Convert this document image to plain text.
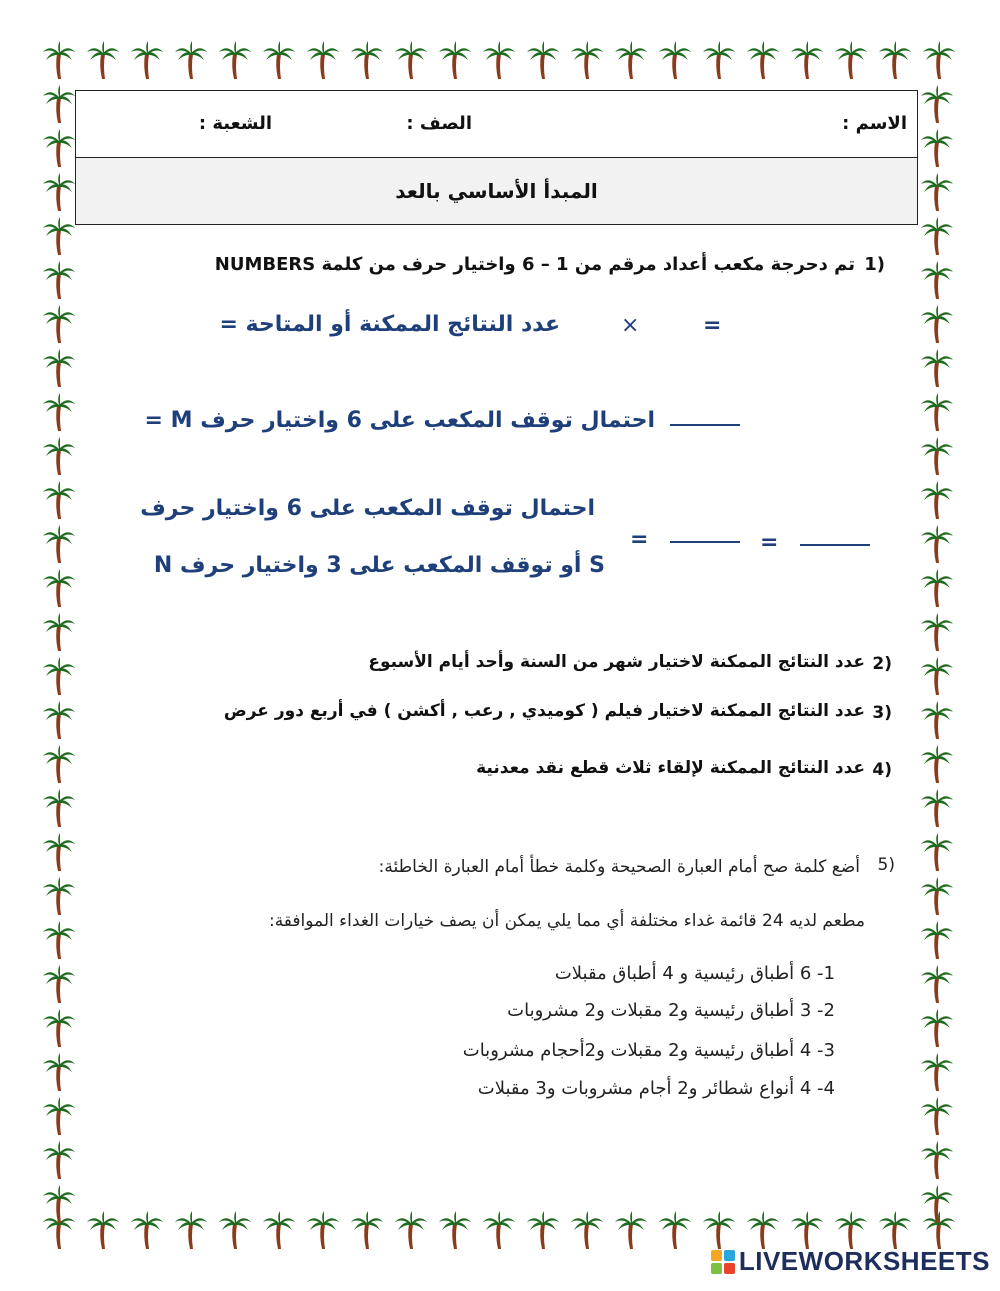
الاسم :
الصف :
الشعبة :
المبدأ الأساسي بالعد
1)
تم دحرجة مكعب أعداد مرقم من 1 – 6 واختيار حرف من كلمة NUMBERS
عدد النتائج الممكنة أو المتاحة =	×	=
احتمال توقف المكعب على 6 واختيار حرف M =
احتمال توقف المكعب على 6 واختيار حرف
N أو توقف المكعب على 3 واختيار حرف S
=	=
2)
عدد النتائج الممكنة لاختيار شهر من السنة وأحد أيام الأسبوع
3)
عدد النتائج الممكنة لاختيار فيلم ( كوميدي , رعب , أكشن ) في أربع دور عرض
4)
عدد النتائج الممكنة لإلقاء ثلاث قطع نقد معدنية
5)
أضع كلمة صح أمام العبارة الصحيحة وكلمة خطأ أمام العبارة الخاطئة:
مطعم لديه 24 قائمة غداء مختلفة أي مما يلي يمكن أن يصف خيارات الغداء الموافقة:
1- 6 أطباق رئيسية و 4 أطباق مقبلات
2- 3 أطباق رئيسية و2 مقبلات و2 مشروبات
3- 4 أطباق رئيسية و2 مقبلات و2أحجام مشروبات
4- 4 أنواع شطائر و2 أجام مشروبات و3 مقبلات
LIVEWORKSHEETS
